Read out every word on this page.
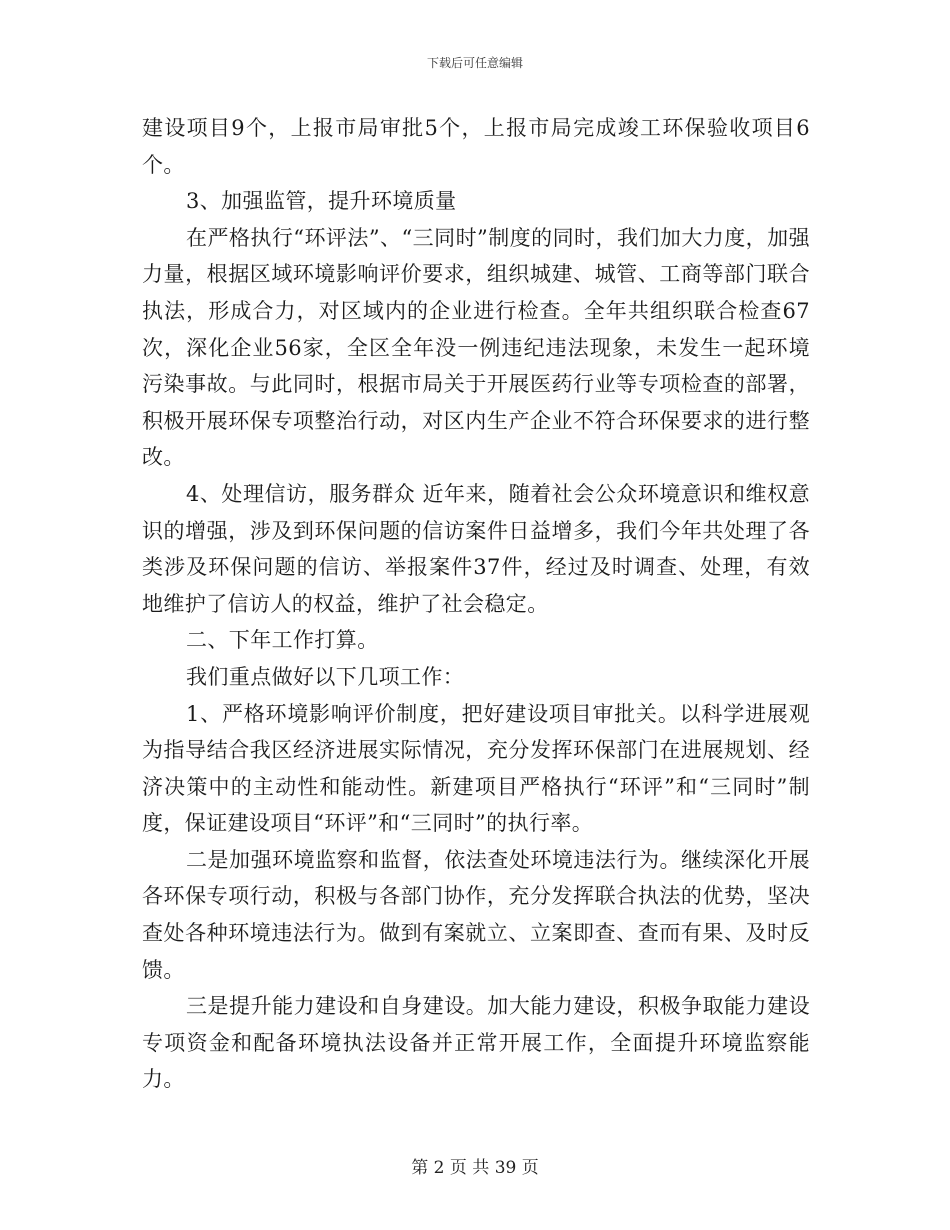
下载后可任意编辑

建设项目9个，上报市局审批5个，上报市局完成竣工环保验收项目6个。

3、加强监管，提升环境质量

在严格执行“环评法”、“三同时”制度的同时，我们加大力度，加强力量，根据区域环境影响评价要求，组织城建、城管、工商等部门联合执法，形成合力，对区域内的企业进行检查。全年共组织联合检查67次，深化企业56家，全区全年没一例违纪违法现象，未发生一起环境污染事故。与此同时，根据市局关于开展医药行业等专项检查的部署，积极开展环保专项整治行动，对区内生产企业不符合环保要求的进行整改。

4、处理信访，服务群众 近年来，随着社会公众环境意识和维权意识的增强，涉及到环保问题的信访案件日益增多，我们今年共处理了各类涉及环保问题的信访、举报案件37件，经过及时调查、处理，有效地维护了信访人的权益，维护了社会稳定。

二、下年工作打算。

我们重点做好以下几项工作：

1、严格环境影响评价制度，把好建设项目审批关。以科学进展观为指导结合我区经济进展实际情况，充分发挥环保部门在进展规划、经济决策中的主动性和能动性。新建项目严格执行“环评”和“三同时”制度，保证建设项目“环评”和“三同时”的执行率。

二是加强环境监察和监督，依法查处环境违法行为。继续深化开展各环保专项行动，积极与各部门协作，充分发挥联合执法的优势，坚决查处各种环境违法行为。做到有案就立、立案即查、查而有果、及时反馈。

三是提升能力建设和自身建设。加大能力建设，积极争取能力建设专项资金和配备环境执法设备并正常开展工作，全面提升环境监察能力。

第 2 页 共 39 页
